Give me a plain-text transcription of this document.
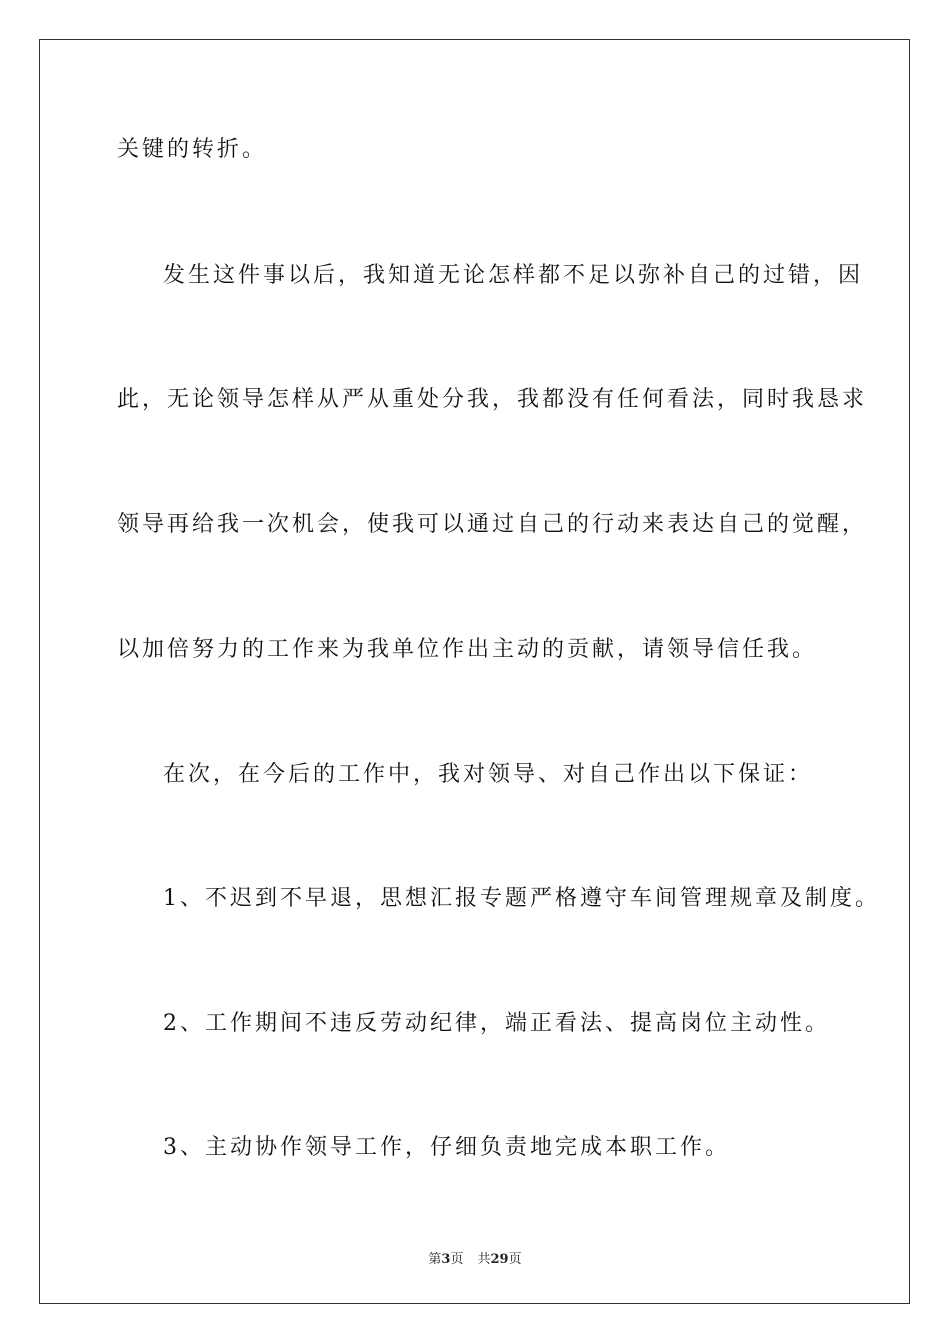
关键的转折。
发生这件事以后，我知道无论怎样都不足以弥补自己的过错，因
此，无论领导怎样从严从重处分我，我都没有任何看法，同时我恳求
领导再给我一次机会，使我可以通过自己的行动来表达自己的觉醒，
以加倍努力的工作来为我单位作出主动的贡献，请领导信任我。
在次，在今后的工作中，我对领导、对自己作出以下保证：
1、不迟到不早退，思想汇报专题严格遵守车间管理规章及制度。
2、工作期间不违反劳动纪律，端正看法、提高岗位主动性。
3、主动协作领导工作，仔细负责地完成本职工作。
第3页 共29页
